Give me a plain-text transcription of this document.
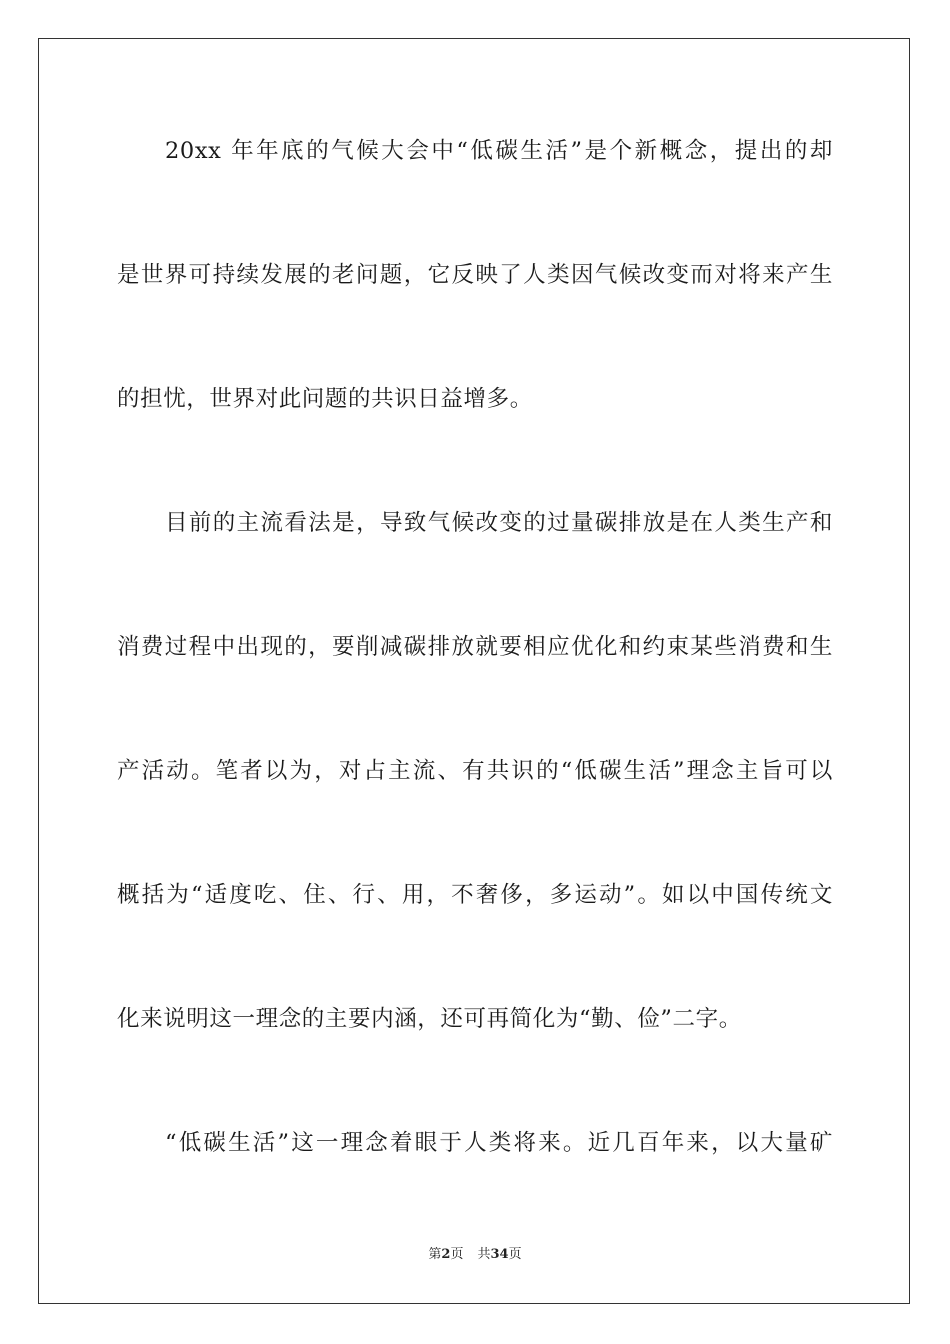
20xx 年年底的气候大会中“低碳生活”是个新概念，提出的却
是世界可持续发展的老问题，它反映了人类因气候改变而对将来产生
的担忧，世界对此问题的共识日益增多。
目前的主流看法是，导致气候改变的过量碳排放是在人类生产和
消费过程中出现的，要削减碳排放就要相应优化和约束某些消费和生
产活动。笔者以为，对占主流、有共识的“低碳生活”理念主旨可以
概括为“适度吃、住、行、用，不奢侈，多运动”。如以中国传统文
化来说明这一理念的主要内涵，还可再简化为“勤、俭”二字。
“低碳生活”这一理念着眼于人类将来。近几百年来，以大量矿
第2页 共34页
